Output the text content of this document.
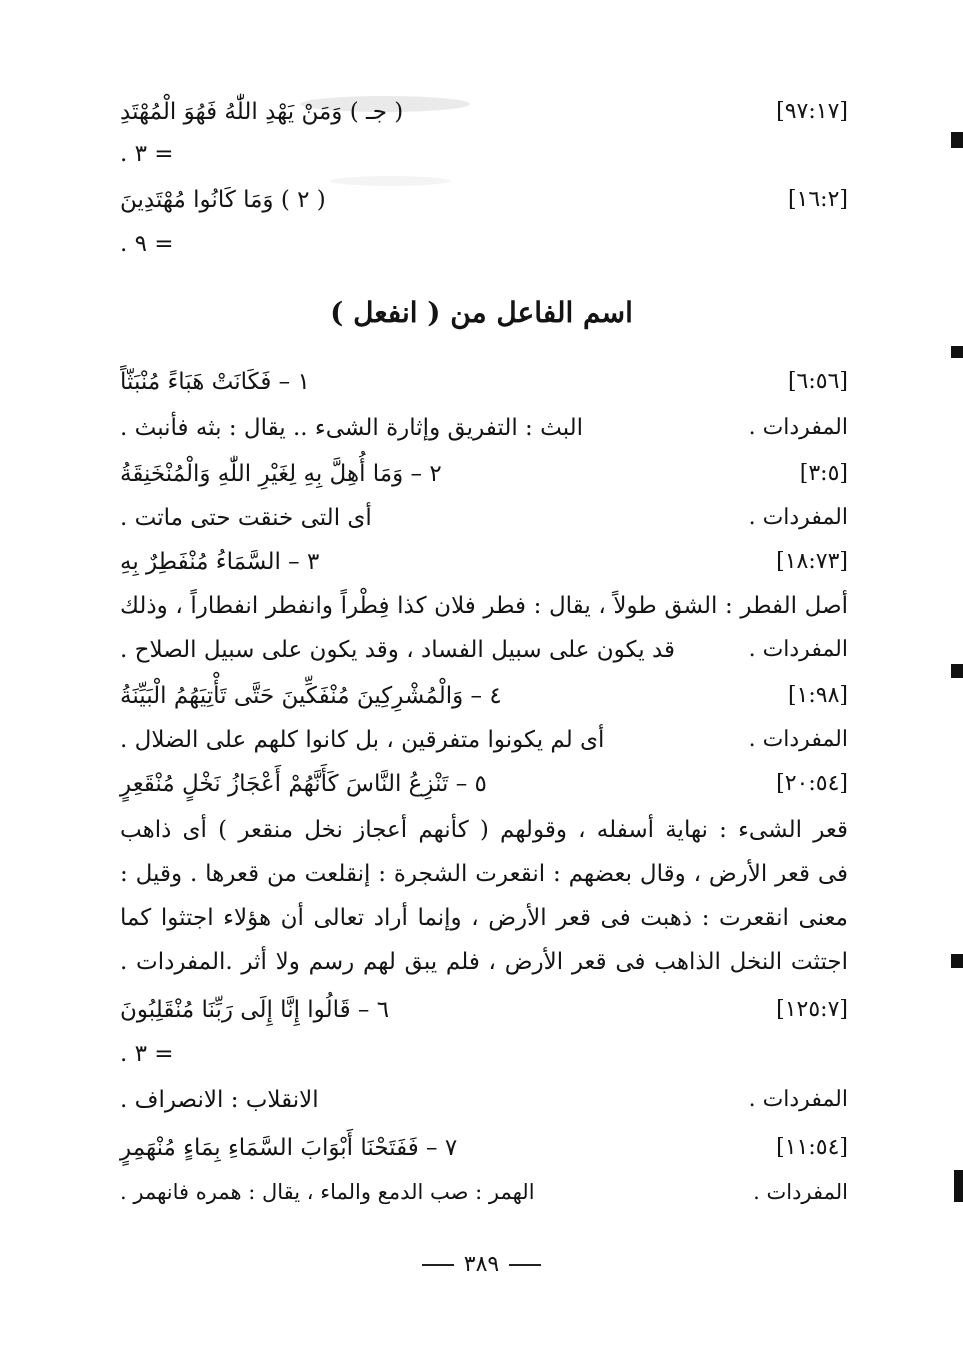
( جـ ) وَمَنْ يَهْدِ اللّٰهُ فَهُوَ الْمُهْتَدِ	[٩٧:١٧]
= ٣ .
( ٢ ) وَمَا كَانُوا مُهْتَدِينَ	[١٦:٢]
= ٩ .
اسم الفاعل من ( انفعل )
١ – فَكَانَتْ هَبَاءً مُنْبَثّاً	[٦:٥٦]
البث : التفريق وإثارة الشىء .. يقال : بثه فأنبث .	المفردات .
٢ – وَمَا أُهِلَّ بِهِ لِغَيْرِ اللّٰهِ وَالْمُنْخَنِقَةُ	[٣:٥]
أى التى خنقت حتى ماتت .	المفردات .
٣ – السَّمَاءُ مُنْفَطِرٌ بِهِ	[١٨:٧٣]
أصل الفطر : الشق طولاً ، يقال : فطر فلان كذا فِطْراً وانفطر انفطاراً ، وذلك
قد يكون على سبيل الفساد ، وقد يكون على سبيل الصلاح .	المفردات .
٤ – وَالْمُشْرِكِينَ مُنْفَكِّينَ حَتَّى تَأْتِيَهُمُ الْبَيِّنَةُ	[١:٩٨]
أى لم يكونوا متفرقين ، بل كانوا كلهم على الضلال .	المفردات .
٥ – تَنْزِعُ النَّاسَ كَأَنَّهُمْ أَعْجَازُ نَخْلٍ مُنْقَعِرٍ	[٢٠:٥٤]
قعر الشىء : نهاية أسفله ، وقولهم ( كأنهم أعجاز نخل منقعر ) أى ذاهب
فى قعر الأرض ، وقال بعضهم : انقعرت الشجرة : إنقلعت من قعرها . وقيل :
معنى انقعرت : ذهبت فى قعر الأرض ، وإنما أراد تعالى أن هؤلاء اجتثوا كما
اجتثت النخل الذاهب فى قعر الأرض ، فلم يبق لهم رسم ولا أثر .المفردات .
٦ – قَالُوا إِنَّا إِلَى رَبِّنَا مُنْقَلِبُونَ	[١٢٥:٧]
= ٣ .
الانقلاب : الانصراف .	المفردات .
٧ – فَفَتَحْنَا أَبْوَابَ السَّمَاءِ بِمَاءٍ مُنْهَمِرٍ	[١١:٥٤]
الهمر : صب الدمع والماء ، يقال : همره فانهمر .	المفردات .
٣٨٩
